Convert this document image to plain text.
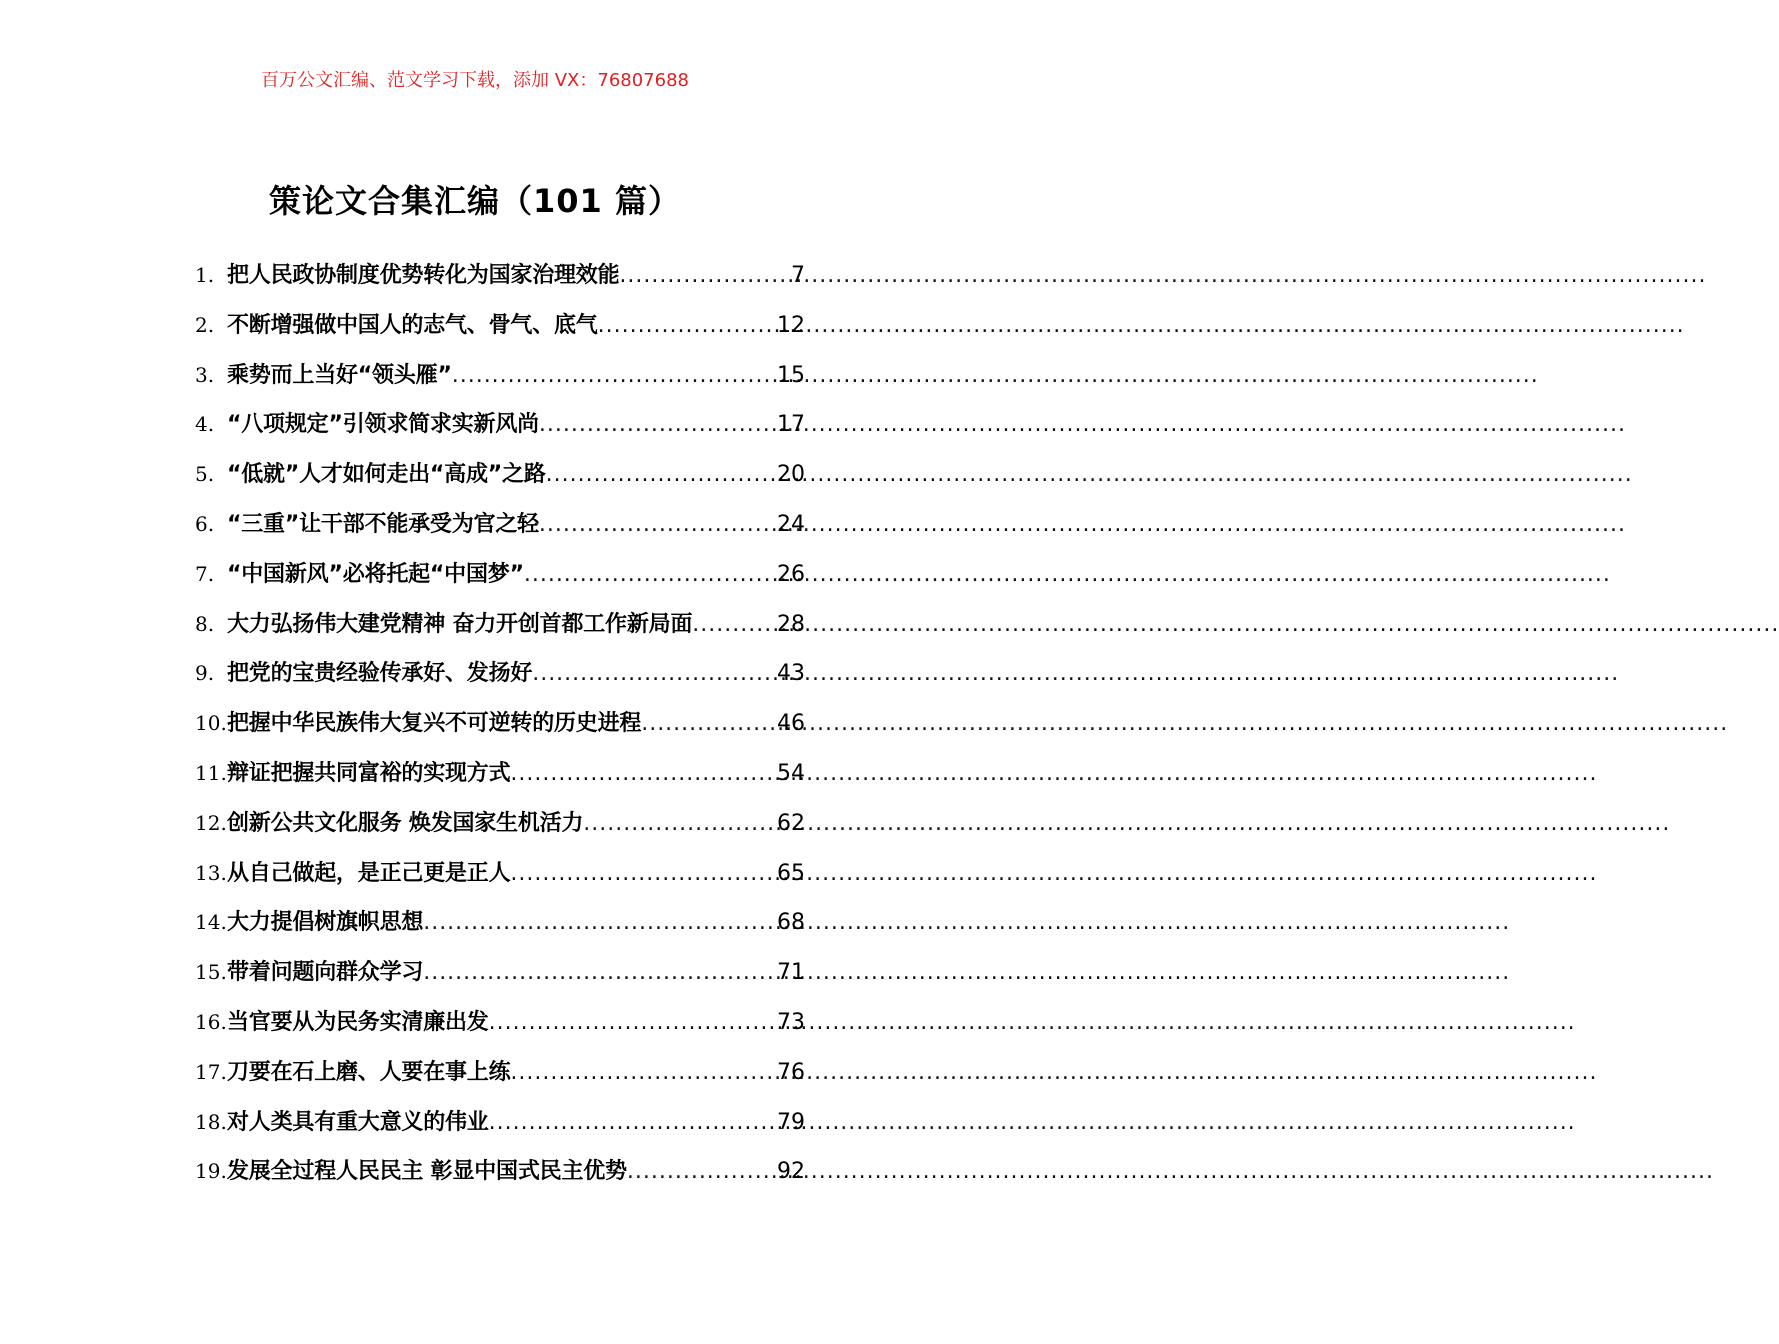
百万公文汇编、范文学习下载，添加 VX：76807688
策论文合集汇编（101 篇）
1. 把人民政协制度优势转化为国家治理效能 .....	7
2. 不断增强做中国人的志气、骨气、底气 .....	12
3. 乘势而上当好“领头雁” .....	15
4. “八项规定”引领求简求实新风尚 .....	17
5. “低就”人才如何走出“高成”之路 .....	20
6. “三重”让干部不能承受为官之轻 .....	24
7. “中国新风”必将托起“中国梦” .....	26
8. 大力弘扬伟大建党精神 奋力开创首都工作新局面 .....	28
9. 把党的宝贵经验传承好、发扬好 .....	43
10. 把握中华民族伟大复兴不可逆转的历史进程 .....	46
11. 辩证把握共同富裕的实现方式 .....	54
12. 创新公共文化服务 焕发国家生机活力 .....	62
13. 从自己做起，是正己更是正人 .....	65
14. 大力提倡树旗帜思想 .....	68
15. 带着问题向群众学习 .....	71
16. 当官要从为民务实清廉出发 .....	73
17. 刀要在石上磨、人要在事上练 .....	76
18. 对人类具有重大意义的伟业 .....	79
19. 发展全过程人民民主 彰显中国式民主优势 .....	92
